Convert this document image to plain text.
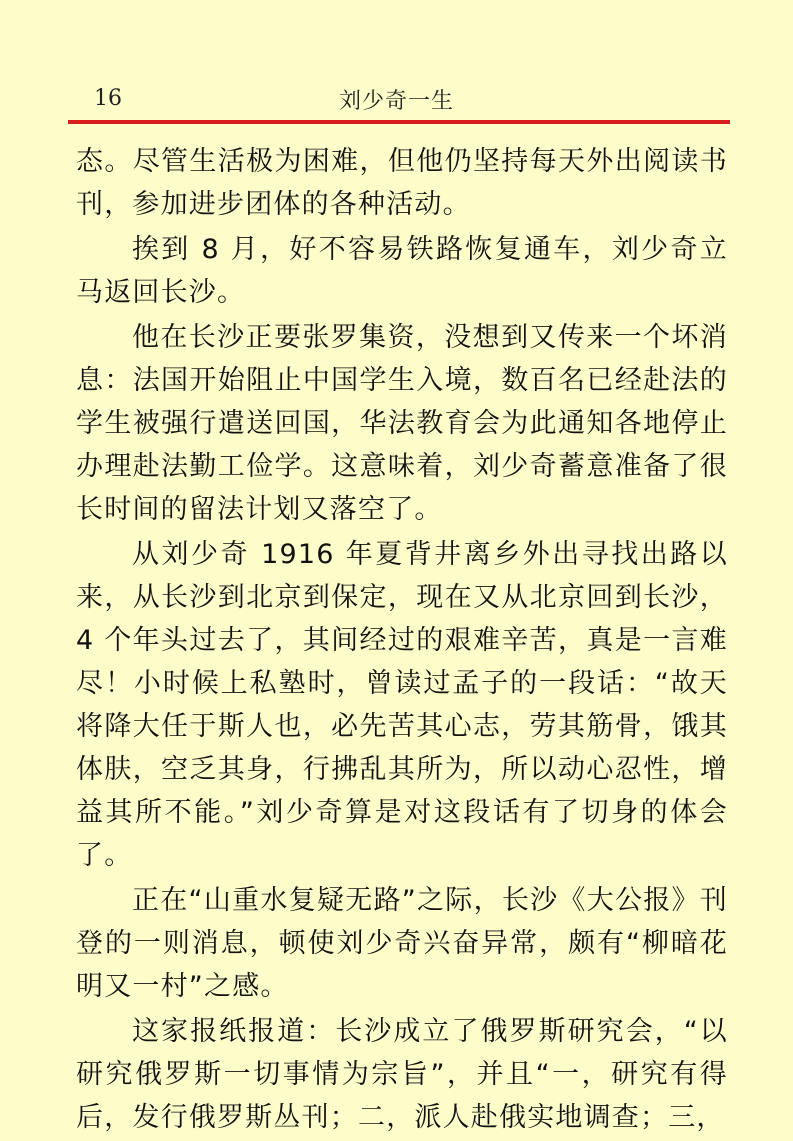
16	刘少奇一生

态。尽管生活极为困难，但他仍坚持每天外出阅读书刊，参加进步团体的各种活动。

挨到 8 月，好不容易铁路恢复通车，刘少奇立马返回长沙。

他在长沙正要张罗集资，没想到又传来一个坏消息：法国开始阻止中国学生入境，数百名已经赴法的学生被强行遣送回国，华法教育会为此通知各地停止办理赴法勤工俭学。这意味着，刘少奇蓄意准备了很长时间的留法计划又落空了。

从刘少奇 1916 年夏背井离乡外出寻找出路以来，从长沙到北京到保定，现在又从北京回到长沙，4 个年头过去了，其间经过的艰难辛苦，真是一言难尽！小时候上私塾时，曾读过孟子的一段话：“故天将降大任于斯人也，必先苦其心志，劳其筋骨，饿其体肤，空乏其身，行拂乱其所为，所以动心忍性，增益其所不能。”刘少奇算是对这段话有了切身的体会了。

正在“山重水复疑无路”之际，长沙《大公报》刊登的一则消息，顿使刘少奇兴奋异常，颇有“柳暗花明又一村”之感。

这家报纸报道：长沙成立了俄罗斯研究会，“以研究俄罗斯一切事情为宗旨”，并且“一，研究有得后，发行俄罗斯丛刊；二，派人赴俄实地调查；三，
